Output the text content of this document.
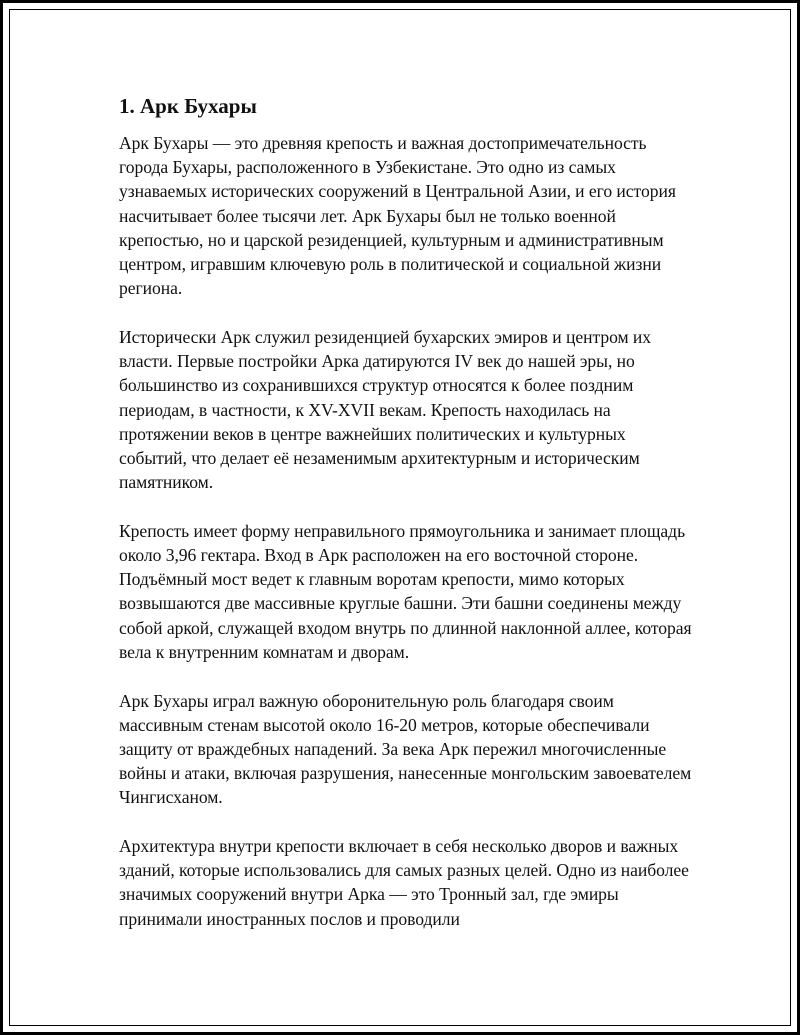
1. Арк Бухары

Арк Бухары — это древняя крепость и важная достопримечательность города Бухары, расположенного в Узбекистане. Это одно из самых узнаваемых исторических сооружений в Центральной Азии, и его история насчитывает более тысячи лет. Арк Бухары был не только военной крепостью, но и царской резиденцией, культурным и административным центром, игравшим ключевую роль в политической и социальной жизни региона.

Исторически Арк служил резиденцией бухарских эмиров и центром их власти. Первые постройки Арка датируются IV век до нашей эры, но большинство из сохранившихся структур относятся к более поздним периодам, в частности, к XV-XVII векам. Крепость находилась на протяжении веков в центре важнейших политических и культурных событий, что делает её незаменимым архитектурным и историческим памятником.

Крепость имеет форму неправильного прямоугольника и занимает площадь около 3,96 гектара. Вход в Арк расположен на его восточной стороне. Подъёмный мост ведет к главным воротам крепости, мимо которых возвышаются две массивные круглые башни. Эти башни соединены между собой аркой, служащей входом внутрь по длинной наклонной аллее, которая вела к внутренним комнатам и дворам.

Арк Бухары играл важную оборонительную роль благодаря своим массивным стенам высотой около 16-20 метров, которые обеспечивали защиту от враждебных нападений. За века Арк пережил многочисленные войны и атаки, включая разрушения, нанесенные монгольским завоевателем Чингисханом.

Архитектура внутри крепости включает в себя несколько дворов и важных зданий, которые использовались для самых разных целей. Одно из наиболее значимых сооружений внутри Арка — это Тронный зал, где эмиры принимали иностранных послов и проводили
